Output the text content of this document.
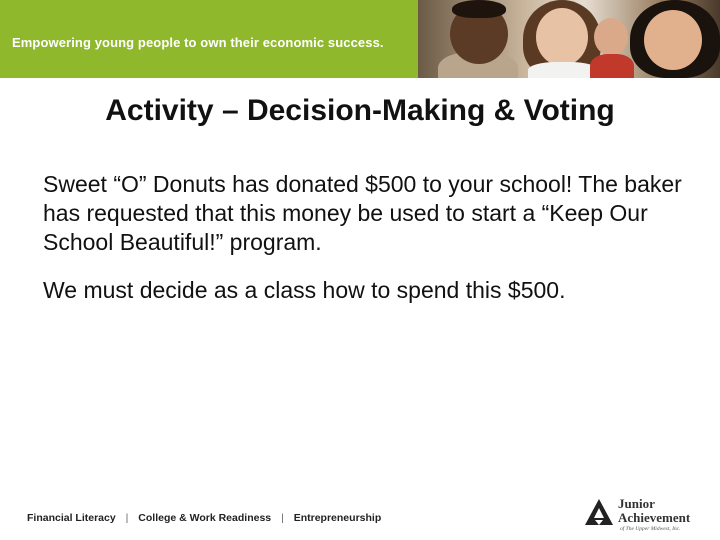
Empowering young people to own their economic success.
Activity – Decision-Making & Voting

Sweet “O” Donuts has donated $500 to your school! The baker has requested that this money be used to start a “Keep Our School Beautiful!” program.

We must decide as a class how to spend this $500.

Financial Literacy | College & Work Readiness | Entrepreneurship
Junior
Achievement
of The Upper Midwest, Inc.
